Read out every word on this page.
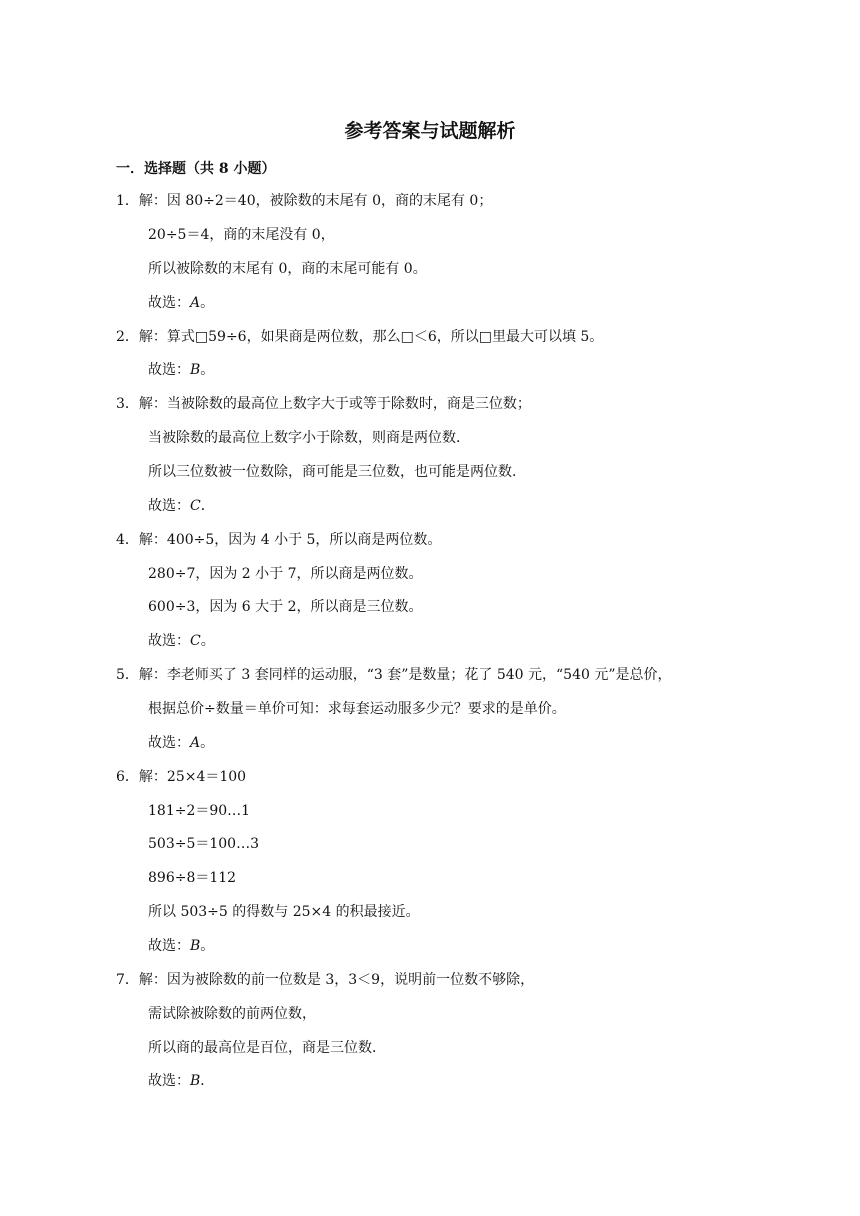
参考答案与试题解析
一．选择题（共 8 小题）
1．解：因 80÷2＝40，被除数的末尾有 0，商的末尾有 0；
20÷5＝4，商的末尾没有 0，
所以被除数的末尾有 0，商的末尾可能有 0。
故选：A。
2．解：算式□59÷6，如果商是两位数，那么□＜6，所以□里最大可以填 5。
故选：B。
3．解：当被除数的最高位上数字大于或等于除数时，商是三位数；
当被除数的最高位上数字小于除数，则商是两位数．
所以三位数被一位数除，商可能是三位数，也可能是两位数．
故选：C．
4．解：400÷5，因为 4 小于 5，所以商是两位数。
280÷7，因为 2 小于 7，所以商是两位数。
600÷3，因为 6 大于 2，所以商是三位数。
故选：C。
5．解：李老师买了 3 套同样的运动服，“3 套”是数量；花了 540 元，“540 元”是总价，
根据总价÷数量＝单价可知：求每套运动服多少元？要求的是单价。
故选：A。
6．解：25×4＝100
181÷2＝90…1
503÷5＝100…3
896÷8＝112
所以 503÷5 的得数与 25×4 的积最接近。
故选：B。
7．解：因为被除数的前一位数是 3，3＜9，说明前一位数不够除，
需试除被除数的前两位数，
所以商的最高位是百位，商是三位数．
故选：B．
